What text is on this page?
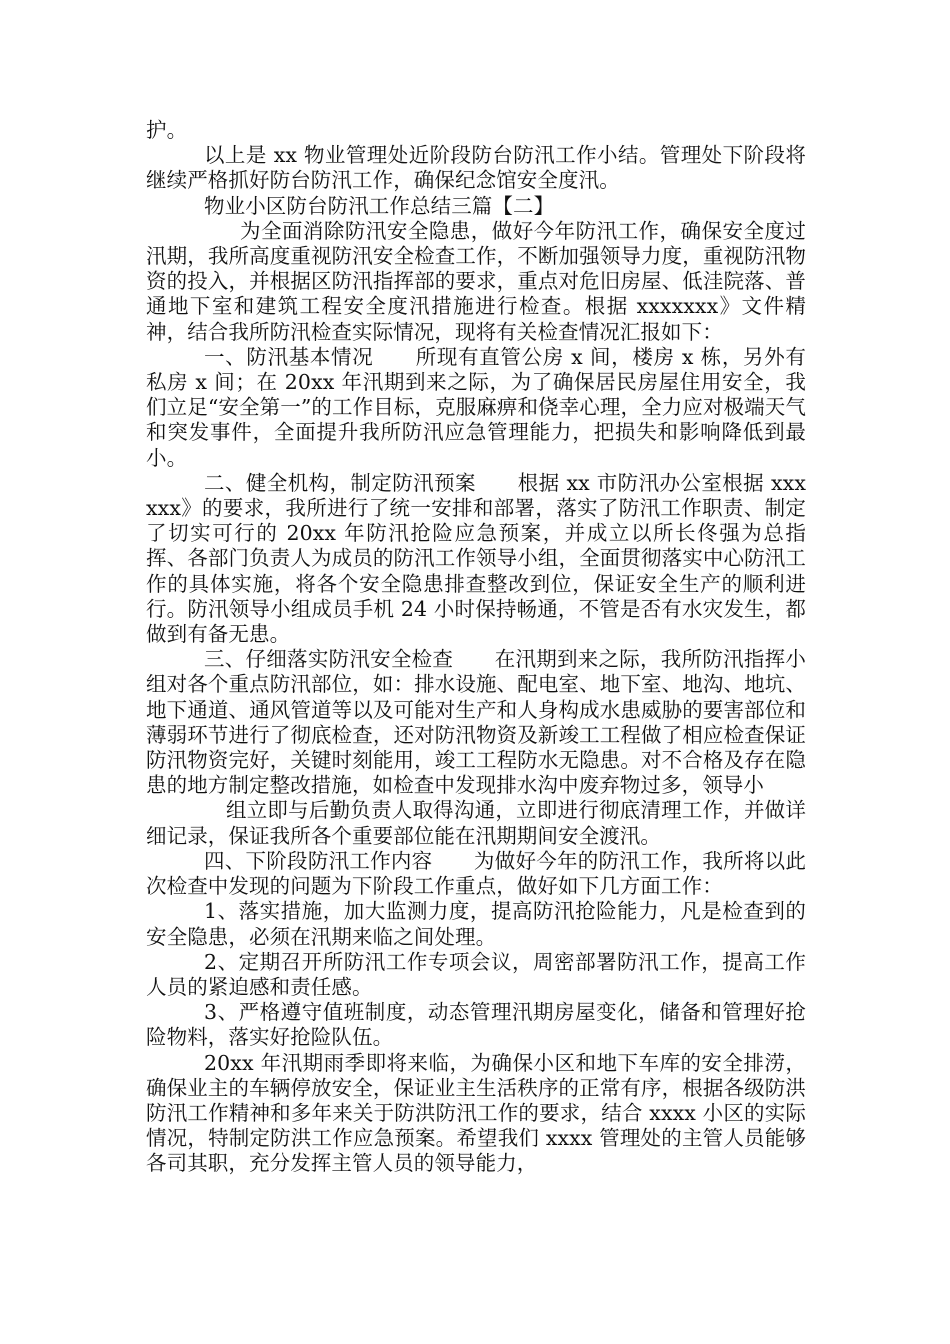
护。

以上是 xx 物业管理处近阶段防台防汛工作小结。管理处下阶段将继续严格抓好防台防汛工作，确保纪念馆安全度汛。

物业小区防台防汛工作总结三篇【二】

为全面消除防汛安全隐患，做好今年防汛工作，确保安全度过汛期，我所高度重视防汛安全检查工作，不断加强领导力度，重视防汛物资的投入，并根据区防汛指挥部的要求，重点对危旧房屋、低洼院落、普通地下室和建筑工程安全度汛措施进行检查。根据 xxxxxxx》文件精神，结合我所防汛检查实际情况，现将有关检查情况汇报如下：

一、防汛基本情况　　所现有直管公房 x 间，楼房 x 栋，另外有私房 x 间；在 20xx 年汛期到来之际，为了确保居民房屋住用安全，我们立足“安全第一”的工作目标，克服麻痹和侥幸心理，全力应对极端天气和突发事件，全面提升我所防汛应急管理能力，把损失和影响降低到最小。

二、健全机构，制定防汛预案　　根据 xx 市防汛办公室根据 xxxxxx》的要求，我所进行了统一安排和部署，落实了防汛工作职责、制定了切实可行的 20xx 年防汛抢险应急预案，并成立以所长佟强为总指挥、各部门负责人为成员的防汛工作领导小组，全面贯彻落实中心防汛工作的具体实施，将各个安全隐患排查整改到位，保证安全生产的顺利进行。防汛领导小组成员手机 24 小时保持畅通，不管是否有水灾发生，都做到有备无患。

三、仔细落实防汛安全检查　　在汛期到来之际，我所防汛指挥小组对各个重点防汛部位，如：排水设施、配电室、地下室、地沟、地坑、地下通道、通风管道等以及可能对生产和人身构成水患威胁的要害部位和薄弱环节进行了彻底检查，还对防汛物资及新竣工工程做了相应检查保证防汛物资完好，关键时刻能用，竣工工程防水无隐患。对不合格及存在隐患的地方制定整改措施，如检查中发现排水沟中废弃物过多，领导小

组立即与后勤负责人取得沟通，立即进行彻底清理工作，并做详细记录，保证我所各个重要部位能在汛期期间安全渡汛。

四、下阶段防汛工作内容　　为做好今年的防汛工作，我所将以此次检查中发现的问题为下阶段工作重点，做好如下几方面工作：

1、落实措施，加大监测力度，提高防汛抢险能力，凡是检查到的安全隐患，必须在汛期来临之间处理。

2、定期召开所防汛工作专项会议，周密部署防汛工作，提高工作人员的紧迫感和责任感。

3、严格遵守值班制度，动态管理汛期房屋变化，储备和管理好抢险物料，落实好抢险队伍。

20xx 年汛期雨季即将来临，为确保小区和地下车库的安全排涝，确保业主的车辆停放安全，保证业主生活秩序的正常有序，根据各级防洪防汛工作精神和多年来关于防洪防汛工作的要求，结合 xxxx 小区的实际情况，特制定防洪工作应急预案。希望我们 xxxx 管理处的主管人员能够各司其职，充分发挥主管人员的领导能力，
